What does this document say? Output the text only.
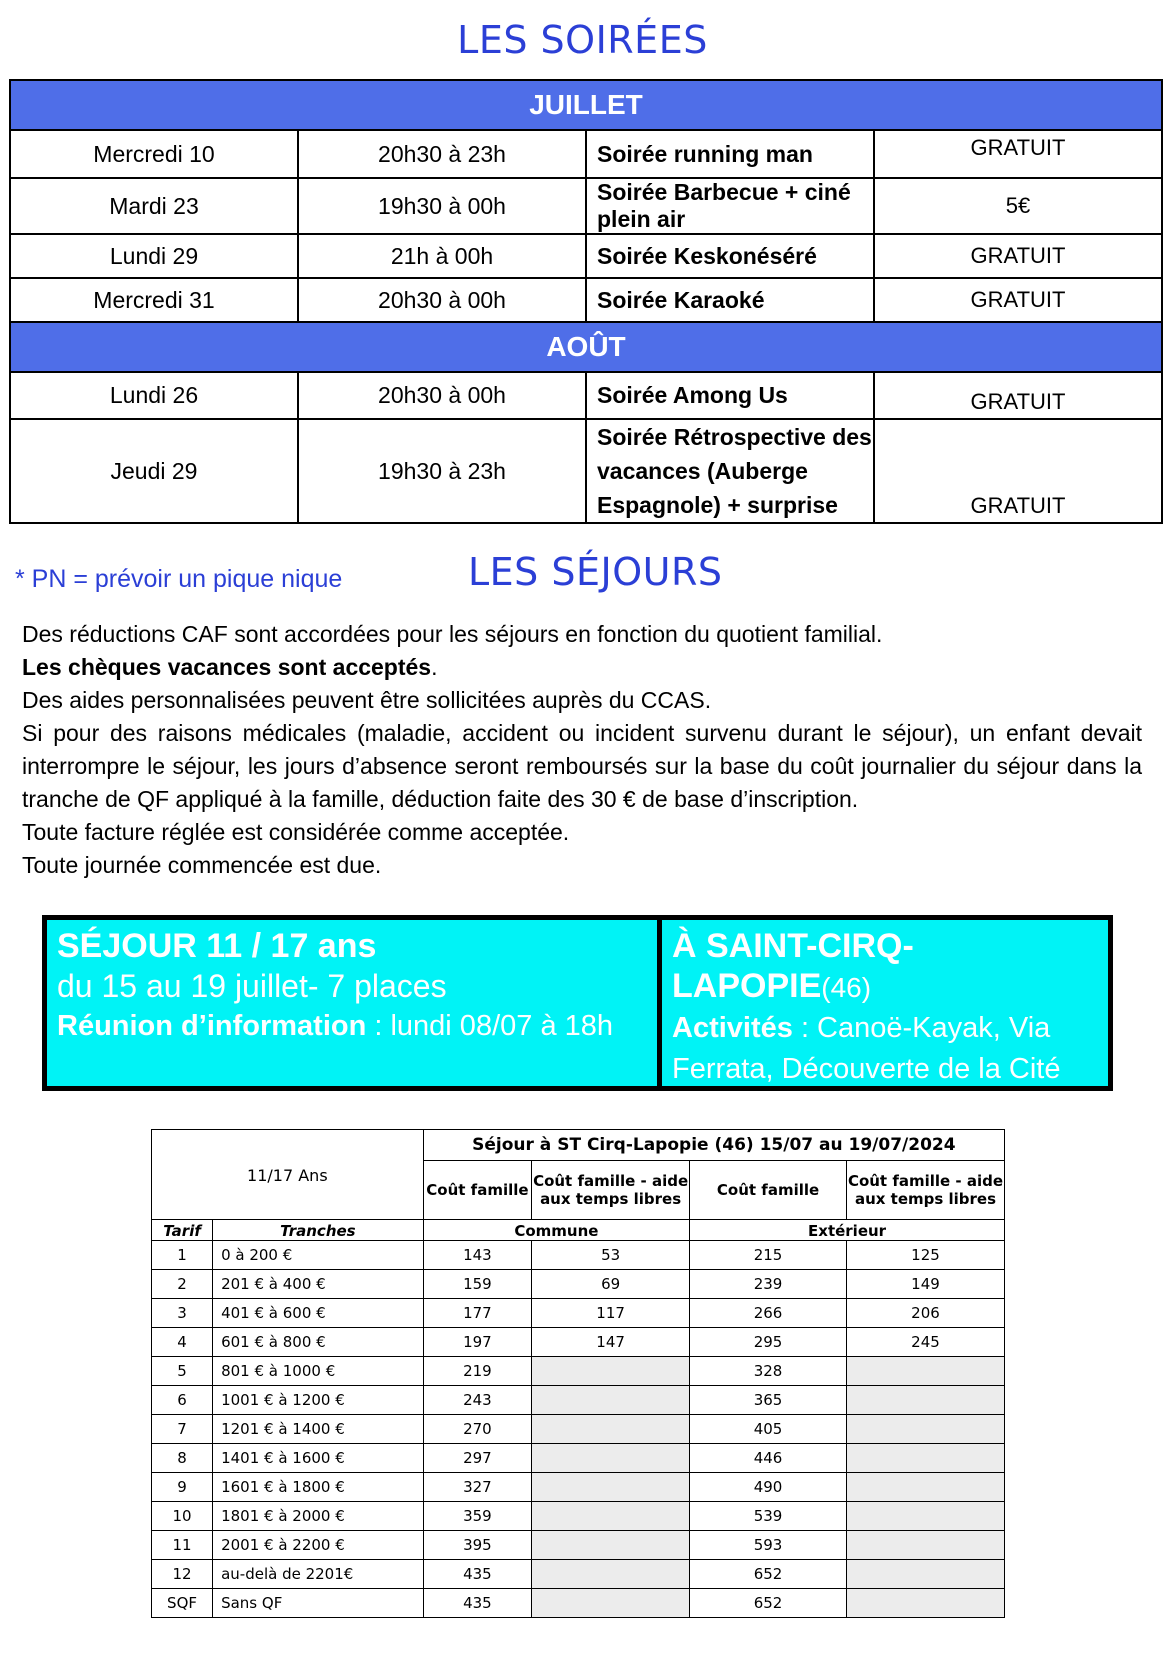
LES SOIRÉES
JUILLET			
Mercredi 10	20h30 à 23h	Soirée running man	GRATUIT
Mardi 23	19h30 à 00h	Soirée Barbecue + ciné plein air	5€
Lundi 29	21h à 00h	Soirée Keskonéséré	GRATUIT
Mercredi 31	20h30 à 00h	Soirée Karaoké	GRATUIT
AOÛT			
Lundi 26	20h30 à 00h	Soirée Among Us	GRATUIT
Jeudi 29	19h30 à 23h	Soirée Rétrospective des vacances (Auberge Espagnole) + surprise	GRATUIT
* PN = prévoir un pique nique	LES SÉJOURS

Des réductions CAF sont accordées pour les séjours en fonction du quotient familial.

Les chèques vacances sont acceptés.

Des aides personnalisées peuvent être sollicitées auprès du CCAS.

Si pour des raisons médicales (maladie, accident ou incident survenu durant le séjour), un enfant devait interrompre le séjour, les jours d’absence seront remboursés sur la base du coût journalier du séjour dans la tranche de QF appliqué à la famille, déduction faite des 30 € de base d’inscription.

Toute facture réglée est considérée comme acceptée.

Toute journée commencée est due.

SÉJOUR 11 / 17 ans
du 15 au 19 juillet- 7 places
Réunion d’information : lundi 08/07 à 18h
À SAINT-CIRQ-LAPOPIE(46)
Activités : Canoë-Kayak, Via Ferrata, Découverte de la Cité Médiévale
11/17 Ans		Séjour à ST Cirq-Lapopie (46) 15/07 au 19/07/2024			
		Coût famille	Coût famille - aide aux temps libres	Coût famille	Coût famille - aide aux temps libres
Tarif	Tranches	Commune		Extérieur	
1	0 à 200 €	143	53	215	125
2	201 € à 400 €	159	69	239	149
3	401 € à 600 €	177	117	266	206
4	601 € à 800 €	197	147	295	245
5	801 € à 1000 €	219		328	
6	1001 € à 1200 €	243		365	
7	1201 € à 1400 €	270		405	
8	1401 € à 1600 €	297		446	
9	1601 € à 1800 €	327		490	
10	1801 € à 2000 €	359		539	
11	2001 € à 2200 €	395		593	
12	au-delà de 2201€	435		652	
SQF	Sans QF	435		652	
